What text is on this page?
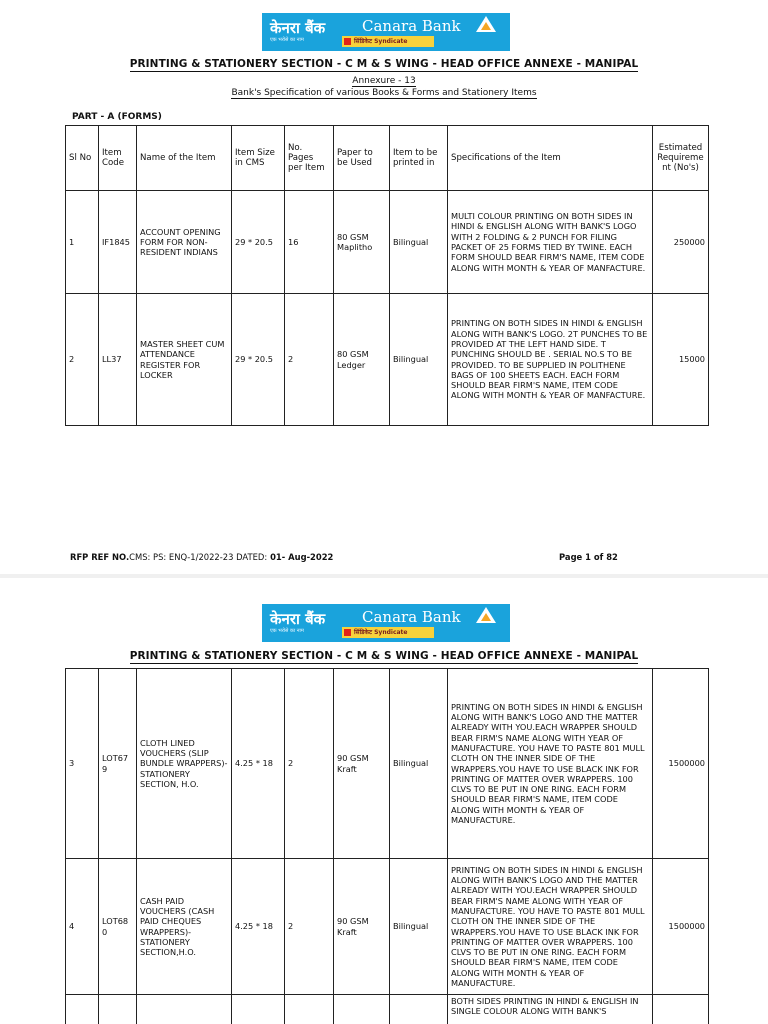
केनरा बैंक Canara Bank
एक भरोसे का नाम	सिंडिकेट Syndicate
PRINTING & STATIONERY SECTION - C M & S WING - HEAD OFFICE ANNEXE - MANIPAL
Annexure - 13
Bank's Specification of various Books & Forms and Stationery Items
PART - A (FORMS)
Sl No	Item Code	Name of the Item	Item Size in CMS	No. Pages per Item	Paper to be Used	Item to be printed in	Specifications of the Item	Estimated Requireme nt (No's)
1	IF1845	ACCOUNT OPENING FORM FOR NON-RESIDENT INDIANS	29 * 20.5	16	80 GSM Maplitho	Bilingual	MULTI COLOUR PRINTING ON BOTH SIDES IN HINDI & ENGLISH ALONG WITH BANK'S LOGO WITH 2 FOLDING & 2 PUNCH FOR FILING PACKET OF 25 FORMS TIED BY TWINE. EACH FORM SHOULD BEAR FIRM'S NAME, ITEM CODE ALONG WITH MONTH & YEAR OF MANFACTURE.	250000
2	LL37	MASTER SHEET CUM ATTENDANCE REGISTER FOR LOCKER	29 * 20.5	2	80 GSM Ledger	Bilingual	PRINTING ON BOTH SIDES IN HINDI & ENGLISH ALONG WITH BANK'S LOGO. 2T PUNCHES TO BE PROVIDED AT THE LEFT HAND SIDE. T PUNCHING SHOULD BE . SERIAL NO.S TO BE PROVIDED. TO BE SUPPLIED IN POLITHENE BAGS OF 100 SHEETS EACH. EACH FORM SHOULD BEAR FIRM'S NAME, ITEM CODE ALONG WITH MONTH & YEAR OF MANFACTURE.	15000
RFP REF NO.CMS: PS: ENQ-1/2022-23 DATED: 01- Aug-2022	Page 1 of 82
केनरा बैंक Canara Bank
एक भरोसे का नाम	सिंडिकेट Syndicate
PRINTING & STATIONERY SECTION - C M & S WING - HEAD OFFICE ANNEXE - MANIPAL
3	LOT67 9	CLOTH LINED VOUCHERS (SLIP BUNDLE WRAPPERS)- STATIONERY SECTION, H.O.	4.25 * 18	2	90 GSM Kraft	Bilingual	PRINTING ON BOTH SIDES IN HINDI & ENGLISH ALONG WITH BANK'S LOGO AND THE MATTER ALREADY WITH YOU.EACH WRAPPER SHOULD BEAR FIRM'S NAME ALONG WITH YEAR OF MANUFACTURE. YOU HAVE TO PASTE 801 MULL CLOTH ON THE INNER SIDE OF THE WRAPPERS.YOU HAVE TO USE BLACK INK FOR PRINTING OF MATTER OVER WRAPPERS. 100 CLVS TO BE PUT IN ONE RING. EACH FORM SHOULD BEAR FIRM'S NAME, ITEM CODE ALONG WITH MONTH & YEAR OF MANUFACTURE.	1500000
4	LOT68 0	CASH PAID VOUCHERS (CASH PAID CHEQUES WRAPPERS)- STATIONERY SECTION,H.O.	4.25 * 18	2	90 GSM Kraft	Bilingual	PRINTING ON BOTH SIDES IN HINDI & ENGLISH ALONG WITH BANK'S LOGO AND THE MATTER ALREADY WITH YOU.EACH WRAPPER SHOULD BEAR FIRM'S NAME ALONG WITH YEAR OF MANUFACTURE. YOU HAVE TO PASTE 801 MULL CLOTH ON THE INNER SIDE OF THE WRAPPERS.YOU HAVE TO USE BLACK INK FOR PRINTING OF MATTER OVER WRAPPERS. 100 CLVS TO BE PUT IN ONE RING. EACH FORM SHOULD BEAR FIRM'S NAME, ITEM CODE ALONG WITH MONTH & YEAR OF MANUFACTURE.	1500000
							BOTH SIDES PRINTING IN HINDI & ENGLISH IN SINGLE COLOUR ALONG WITH BANK'S	
